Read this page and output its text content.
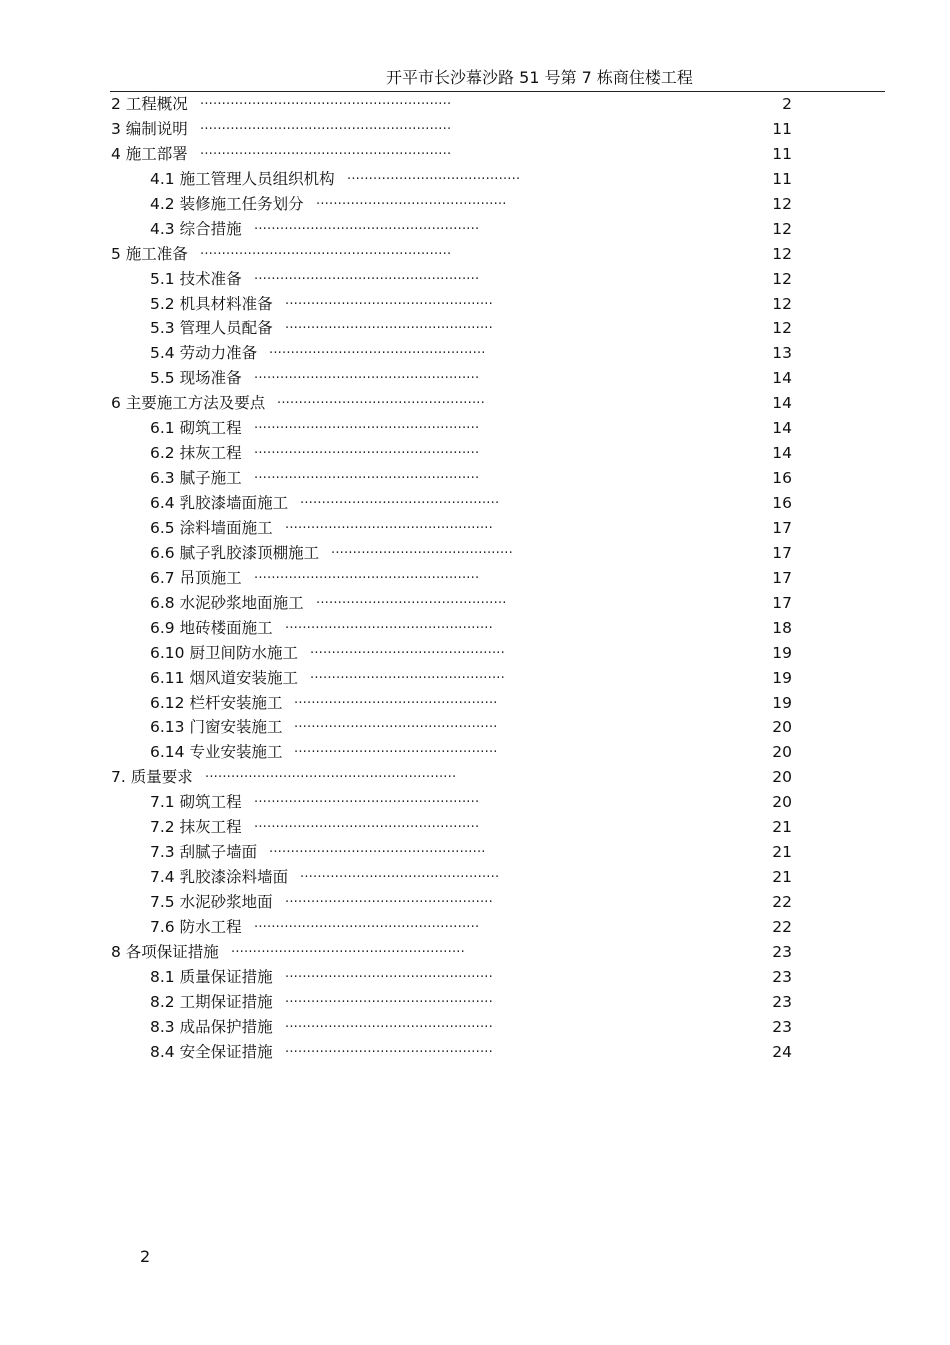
开平市长沙幕沙路 51 号第 7 栋商住楼工程
2 工程概况 ..........................................................	2
3 编制说明 ..........................................................	11
4 施工部署 ..........................................................	11
4.1 施工管理人员组织机构 ........................................	11
4.2 装修施工任务划分 ............................................	12
4.3 综合措施 ....................................................	12
5 施工准备 ..........................................................	12
5.1 技术准备 ....................................................	12
5.2 机具材料准备 ................................................	12
5.3 管理人员配备 ................................................	12
5.4 劳动力准备 ..................................................	13
5.5 现场准备 ....................................................	14
6 主要施工方法及要点 ................................................	14
6.1 砌筑工程 ....................................................	14
6.2 抹灰工程 ....................................................	14
6.3 腻子施工 ....................................................	16
6.4 乳胶漆墙面施工 ..............................................	16
6.5 涂料墙面施工 ................................................	17
6.6 腻子乳胶漆顶棚施工 ..........................................	17
6.7 吊顶施工 ....................................................	17
6.8 水泥砂浆地面施工 ............................................	17
6.9 地砖楼面施工 ................................................	18
6.10 厨卫间防水施工 .............................................	19
6.11 烟风道安装施工 .............................................	19
6.12 栏杆安装施工 ...............................................	19
6.13 门窗安装施工 ...............................................	20
6.14 专业安装施工 ...............................................	20
7. 质量要求 ..........................................................	20
7.1 砌筑工程 ....................................................	20
7.2 抹灰工程 ....................................................	21
7.3 刮腻子墙面 ..................................................	21
7.4 乳胶漆涂料墙面 ..............................................	21
7.5 水泥砂浆地面 ................................................	22
7.6 防水工程 ....................................................	22
8 各项保证措施 ......................................................	23
8.1 质量保证措施 ................................................	23
8.2 工期保证措施 ................................................	23
8.3 成品保护措施 ................................................	23
8.4 安全保证措施 ................................................	24
2
